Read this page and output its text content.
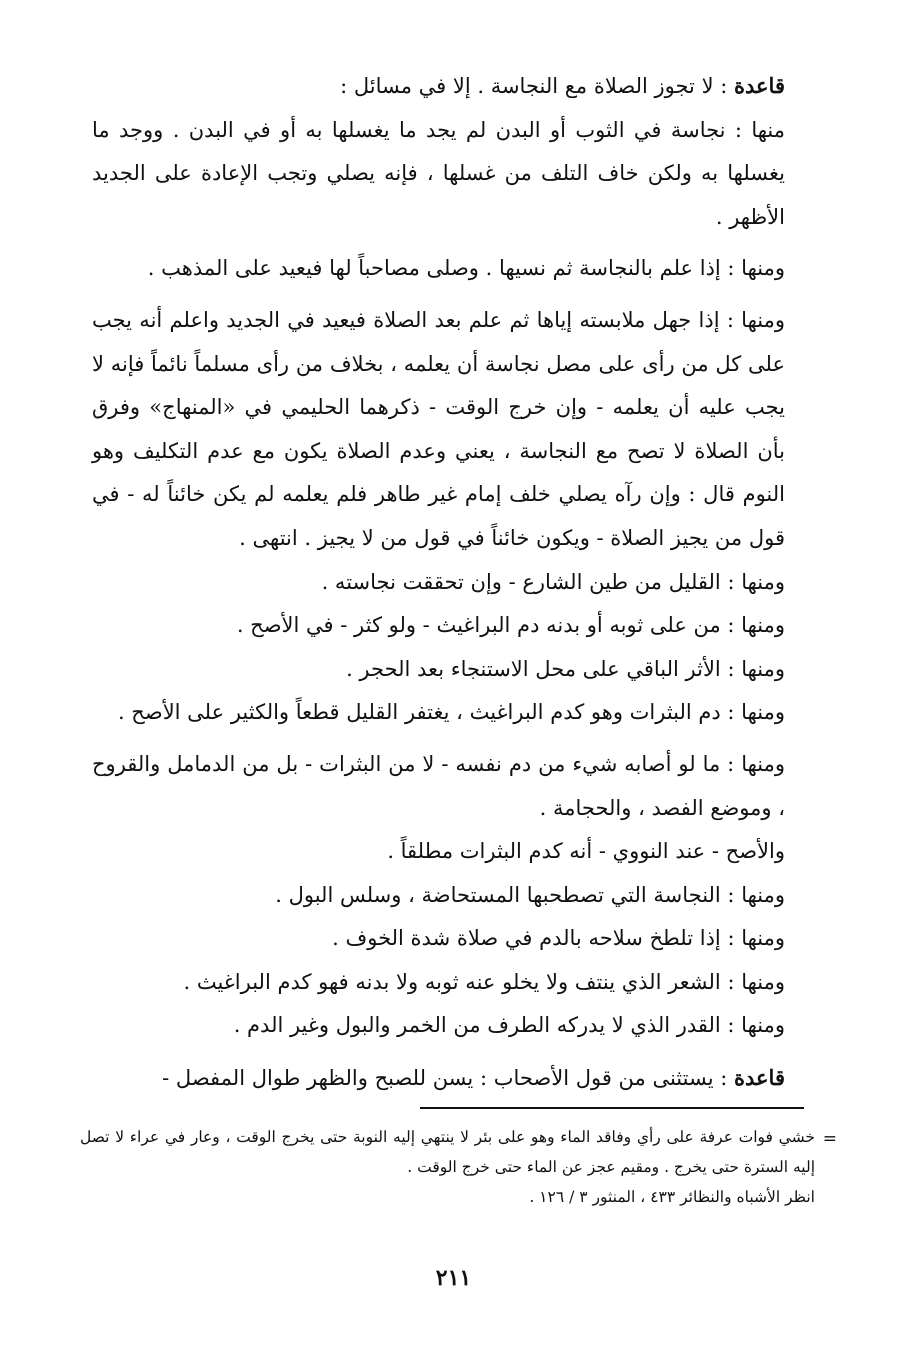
قاعدة : لا تجوز الصلاة مع النجاسة . إلا في مسائل :

منها : نجاسة في الثوب أو البدن لم يجد ما يغسلها به أو في البدن . ووجد ما يغسلها به ولكن خاف التلف من غسلها ، فإنه يصلي وتجب الإعادة على الجديد الأظهر .

ومنها : إذا علم بالنجاسة ثم نسيها . وصلى مصاحباً لها فيعيد على المذهب .

ومنها : إذا جهل ملابسته إياها ثم علم بعد الصلاة فيعيد في الجديد واعلم أنه يجب على كل من رأى على مصل نجاسة أن يعلمه ، بخلاف من رأى مسلماً نائماً فإنه لا يجب عليه أن يعلمه - وإن خرج الوقت - ذكرهما الحليمي في «المنهاج» وفرق بأن الصلاة لا تصح مع النجاسة ، يعني وعدم الصلاة يكون مع عدم التكليف وهو النوم قال : وإن رآه يصلي خلف إمام غير طاهر فلم يعلمه لم يكن خائناً له - في قول من يجيز الصلاة - ويكون خائناً في قول من لا يجيز . انتهى .

ومنها : القليل من طين الشارع - وإن تحققت نجاسته .

ومنها : من على ثوبه أو بدنه دم البراغيث - ولو كثر - في الأصح .

ومنها : الأثر الباقي على محل الاستنجاء بعد الحجر .

ومنها : دم البثرات وهو كدم البراغيث ، يغتفر القليل قطعاً والكثير على الأصح .

ومنها : ما لو أصابه شيء من دم نفسه - لا من البثرات - بل من الدمامل والقروح ، وموضع الفصد ، والحجامة .

والأصح - عند النووي - أنه كدم البثرات مطلقاً .

ومنها : النجاسة التي تصطحبها المستحاضة ، وسلس البول .

ومنها : إذا تلطخ سلاحه بالدم في صلاة شدة الخوف .

ومنها : الشعر الذي ينتف ولا يخلو عنه ثوبه ولا بدنه فهو كدم البراغيث .

ومنها : القدر الذي لا يدركه الطرف من الخمر والبول وغير الدم .

قاعدة : يستثنى من قول الأصحاب : يسن للصبح والظهر طوال المفصل -

=

خشي فوات عرفة على رأي وفاقد الماء وهو على بئر لا ينتهي إليه النوبة حتى يخرج الوقت ، وعار في عراء لا تصل إليه السترة حتى يخرج . ومقيم عجز عن الماء حتى خرج الوقت .

انظر الأشباه والنظائر ٤٣٣ ، المنثور ٣ / ١٢٦ .

٢١١
